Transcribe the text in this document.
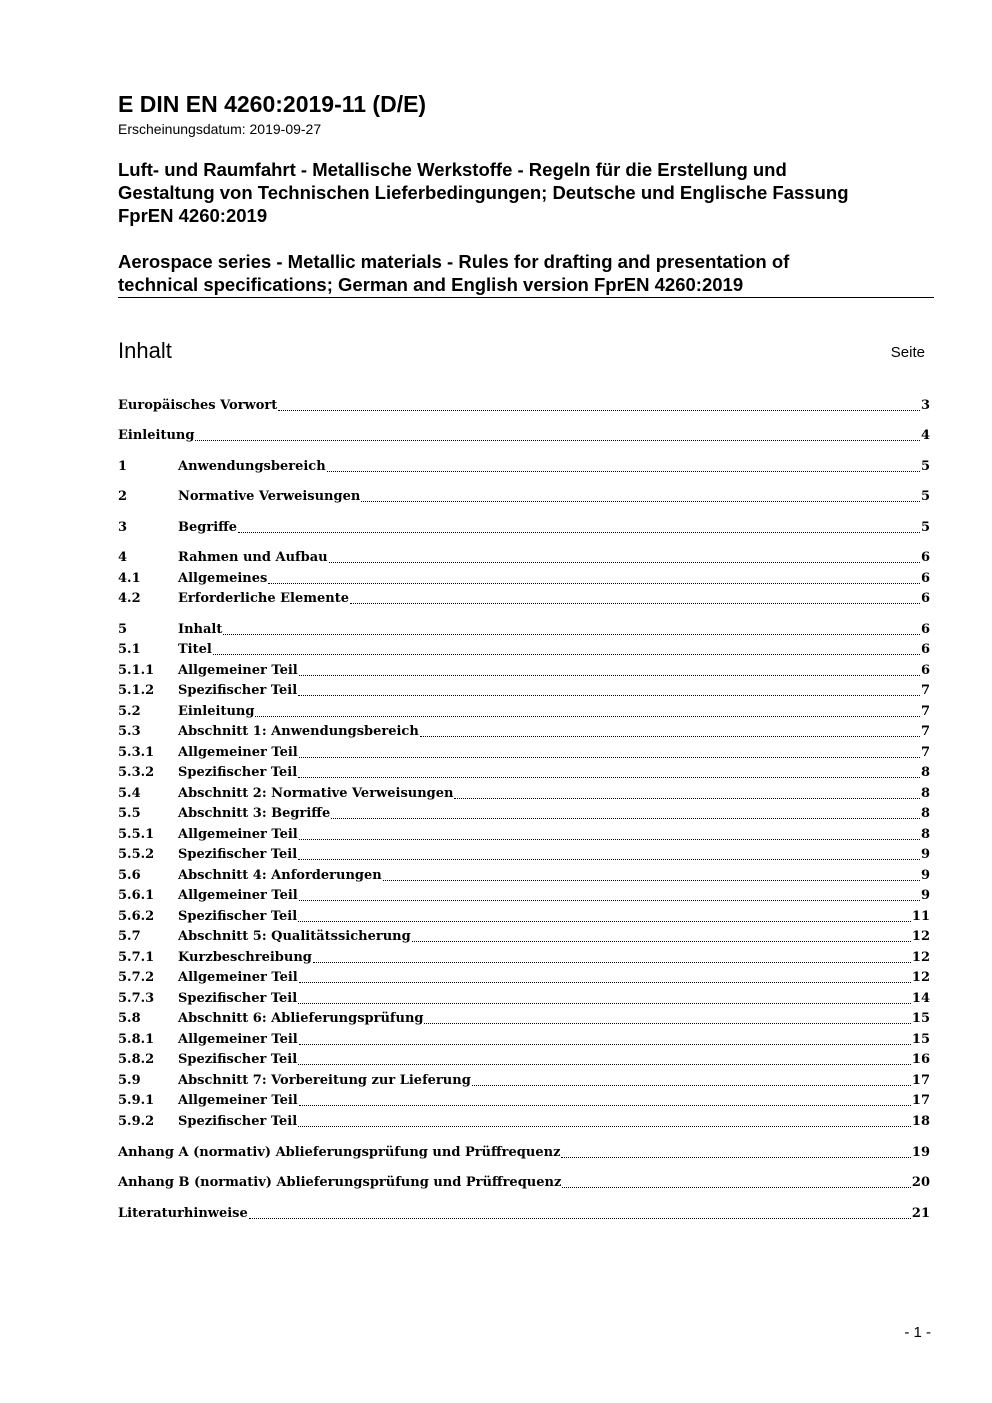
E DIN EN 4260:2019-11 (D/E)
Erscheinungsdatum: 2019-09-27
Luft- und Raumfahrt - Metallische Werkstoffe - Regeln für die Erstellung und
Gestaltung von Technischen Lieferbedingungen; Deutsche und Englische Fassung
FprEN 4260:2019
Aerospace series - Metallic materials - Rules for drafting and presentation of
technical specifications; German and English version FprEN 4260:2019
Inhalt	Seite
Europäisches Vorwort	3
Einleitung	4
1	Anwendungsbereich	5
2	Normative Verweisungen	5
3	Begriffe	5
4	Rahmen und Aufbau	6
4.1	Allgemeines	6
4.2	Erforderliche Elemente	6
5	Inhalt	6
5.1	Titel	6
5.1.1	Allgemeiner Teil	6
5.1.2	Spezifischer Teil	7
5.2	Einleitung	7
5.3	Abschnitt 1: Anwendungsbereich	7
5.3.1	Allgemeiner Teil	7
5.3.2	Spezifischer Teil	8
5.4	Abschnitt 2: Normative Verweisungen	8
5.5	Abschnitt 3: Begriffe	8
5.5.1	Allgemeiner Teil	8
5.5.2	Spezifischer Teil	9
5.6	Abschnitt 4: Anforderungen	9
5.6.1	Allgemeiner Teil	9
5.6.2	Spezifischer Teil	11
5.7	Abschnitt 5: Qualitätssicherung	12
5.7.1	Kurzbeschreibung	12
5.7.2	Allgemeiner Teil	12
5.7.3	Spezifischer Teil	14
5.8	Abschnitt 6: Ablieferungsprüfung	15
5.8.1	Allgemeiner Teil	15
5.8.2	Spezifischer Teil	16
5.9	Abschnitt 7: Vorbereitung zur Lieferung	17
5.9.1	Allgemeiner Teil	17
5.9.2	Spezifischer Teil	18
Anhang A (normativ) Ablieferungsprüfung und Prüffrequenz	19
Anhang B (normativ) Ablieferungsprüfung und Prüffrequenz	20
Literaturhinweise	21
- 1 -
